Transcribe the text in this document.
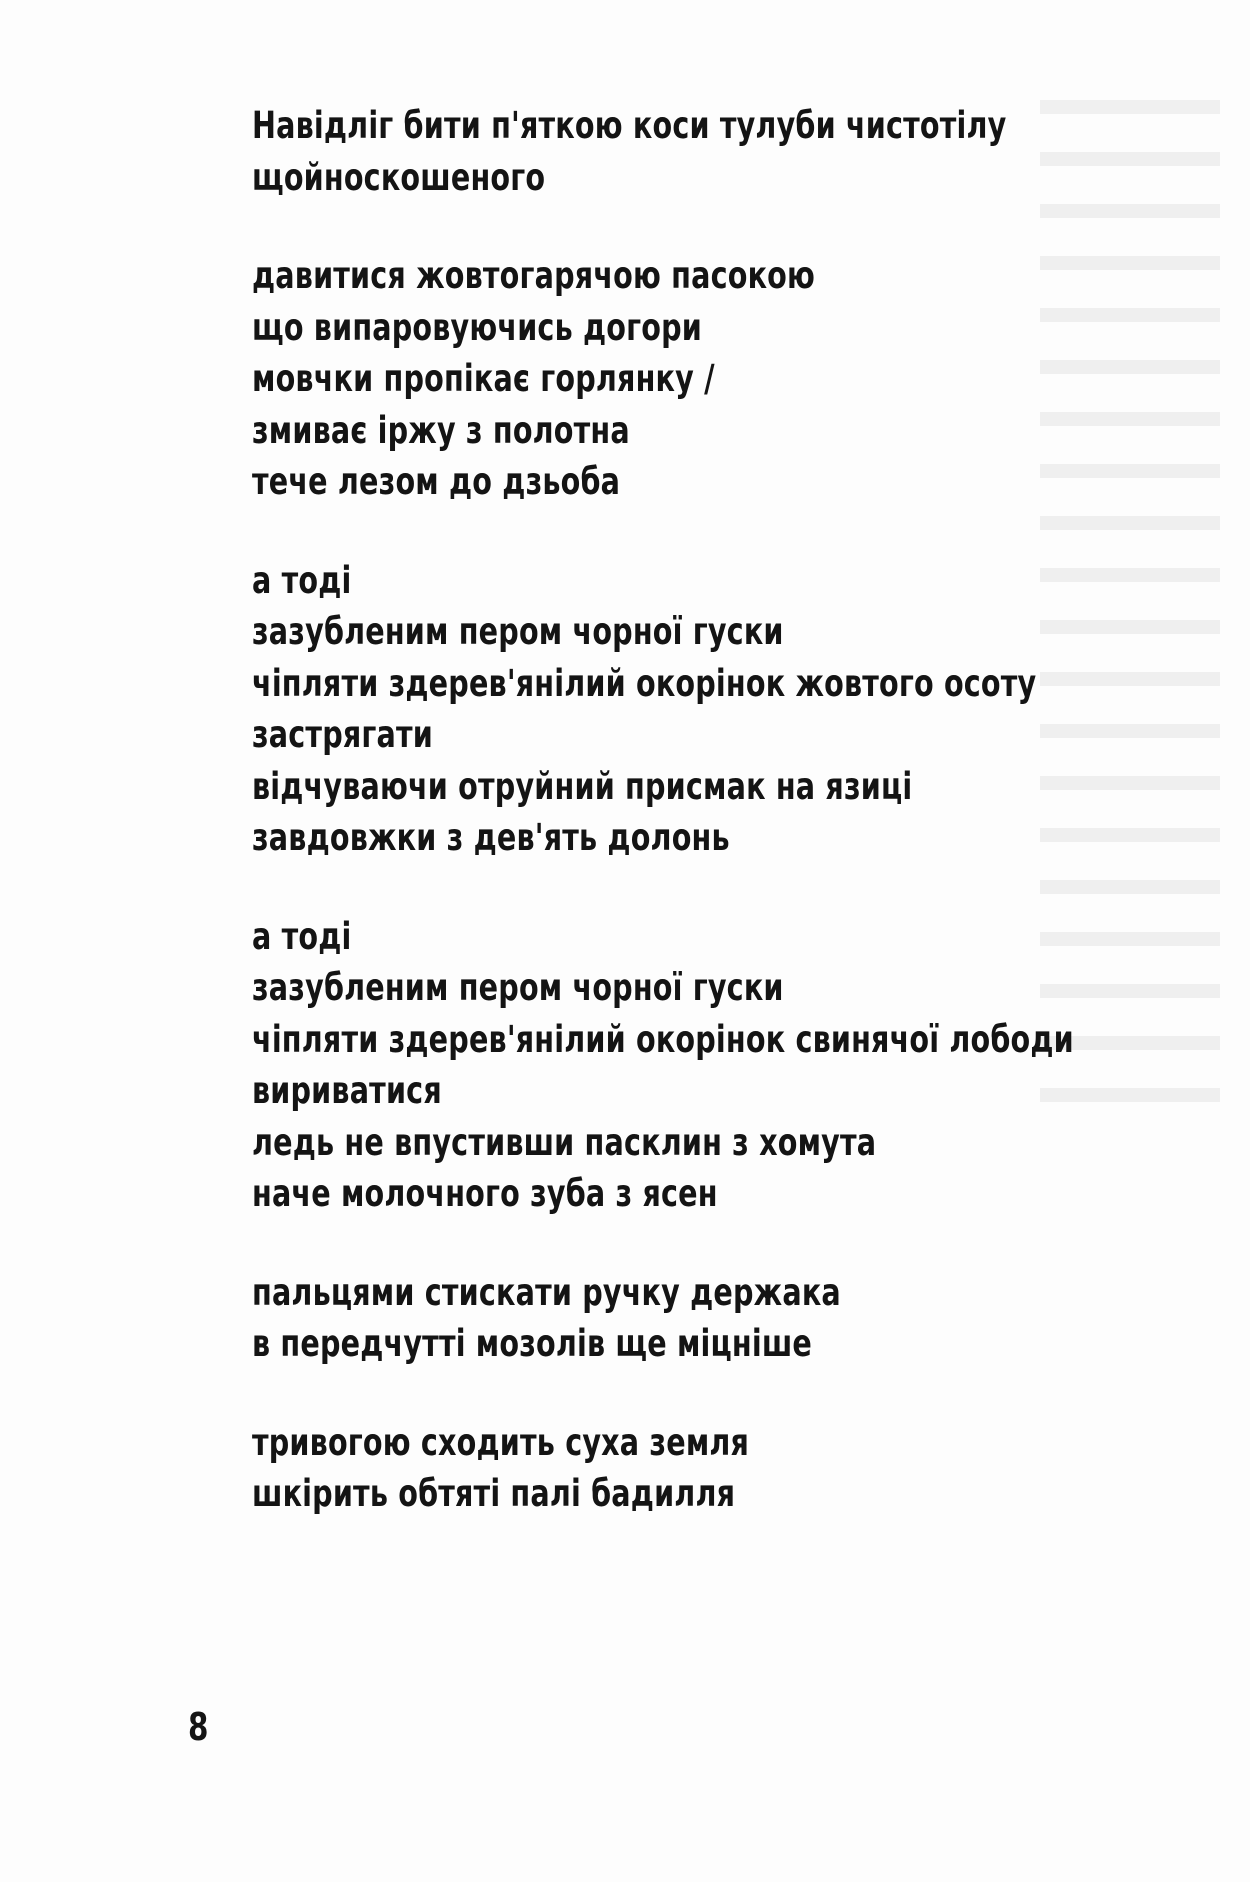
Навідліг бити п'яткою коси тулуби чистотілу
щойноскошеного
давитися жовтогарячою пасокою
що випаровуючись догори
мовчки пропікає горлянку /
змиває іржу з полотна
тече лезом до дзьоба
а тоді
зазубленим пером чорної гуски
чіпляти здерев'янілий окорінок жовтого осоту
застрягати
відчуваючи отруйний присмак на язиці
завдовжки з дев'ять долонь
а тоді
зазубленим пером чорної гуски
чіпляти здерев'янілий окорінок свинячої лободи
вириватися
ледь не впустивши пасклин з хомута
наче молочного зуба з ясен
пальцями стискати ручку держака
в передчутті мозолів ще міцніше
тривогою сходить суха земля
шкірить обтяті палі бадилля
8
